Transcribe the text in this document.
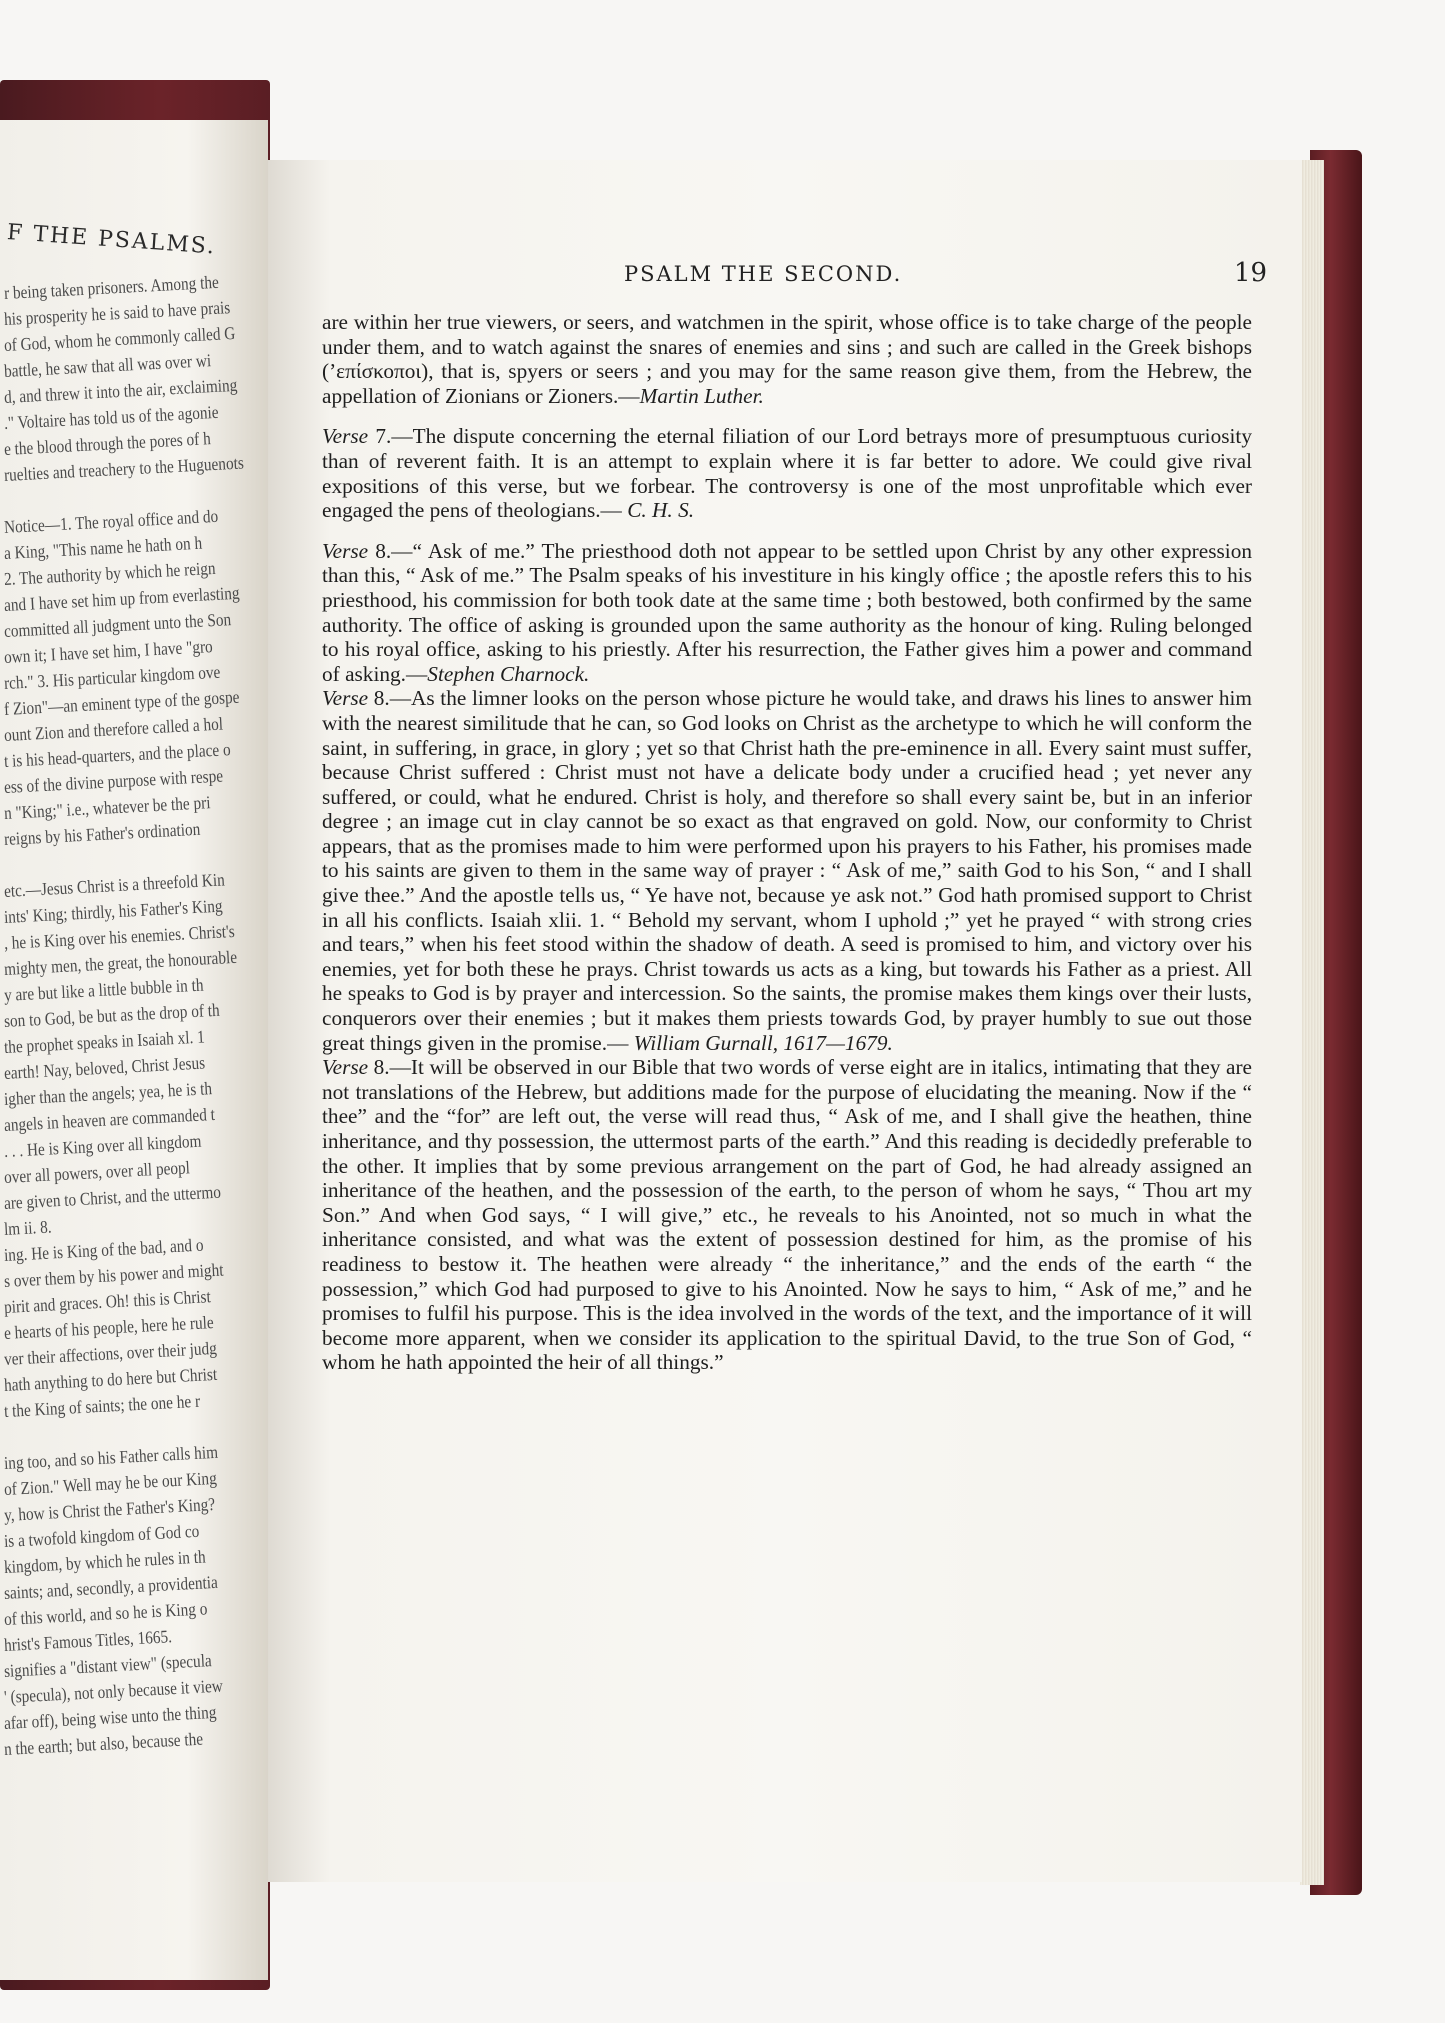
F THE PSALMS.
r being taken prisoners. Among the
his prosperity he is said to have prais
of God, whom he commonly called G
battle, he saw that all was over wi
d, and threw it into the air, exclaiming
." Voltaire has told us of the agonie
e the blood through the pores of h
ruelties and treachery to the Huguenots
Notice—1. The royal office and do
a King, "This name he hath on h
2. The authority by which he reign
and I have set him up from everlasting
committed all judgment unto the Son
own it; I have set him, I have "gro
rch." 3. His particular kingdom ove
f Zion"—an eminent type of the gospe
ount Zion and therefore called a hol
t is his head-quarters, and the place o
ess of the divine purpose with respe
n "King;" i.e., whatever be the pri
reigns by his Father's ordination
etc.—Jesus Christ is a threefold Kin
ints' King; thirdly, his Father's King
, he is King over his enemies. Christ's
mighty men, the great, the honourable
y are but like a little bubble in th
son to God, be but as the drop of th
the prophet speaks in Isaiah xl. 1
earth! Nay, beloved, Christ Jesus
igher than the angels; yea, he is th
angels in heaven are commanded t
. . . He is King over all kingdom
over all powers, over all peopl
are given to Christ, and the uttermo
lm ii. 8.
ing. He is King of the bad, and o
s over them by his power and might
pirit and graces. Oh! this is Christ
e hearts of his people, here he rule
ver their affections, over their judg
hath anything to do here but Christ
t the King of saints; the one he r
ing too, and so his Father calls him
of Zion." Well may he be our King
y, how is Christ the Father's King?
is a twofold kingdom of God co
kingdom, by which he rules in th
saints; and, secondly, a providentia
of this world, and so he is King o
hrist's Famous Titles, 1665.
signifies a "distant view" (specula
' (specula), not only because it view
afar off), being wise unto the thing
n the earth; but also, because the
PSALM THE SECOND.	19

are within her true viewers, or seers, and watchmen in the spirit, whose office is to take charge of the people under them, and to watch against the snares of enemies and sins ; and such are called in the Greek bishops (’επίσκοποι), that is, spyers or seers ; and you may for the same reason give them, from the Hebrew, the appellation of Zionians or Zioners.—Martin Luther.

Verse 7.—The dispute concerning the eternal filiation of our Lord betrays more of presumptuous curiosity than of reverent faith. It is an attempt to explain where it is far better to adore. We could give rival expositions of this verse, but we forbear. The controversy is one of the most unprofitable which ever engaged the pens of theologians.— C. H. S.

Verse 8.—“ Ask of me.” The priesthood doth not appear to be settled upon Christ by any other expression than this, “ Ask of me.” The Psalm speaks of his investiture in his kingly office ; the apostle refers this to his priesthood, his commission for both took date at the same time ; both bestowed, both confirmed by the same authority. The office of asking is grounded upon the same authority as the honour of king. Ruling belonged to his royal office, asking to his priestly. After his resurrection, the Father gives him a power and command of asking.—Stephen Charnock.

Verse 8.—As the limner looks on the person whose picture he would take, and draws his lines to answer him with the nearest similitude that he can, so God looks on Christ as the archetype to which he will conform the saint, in suffering, in grace, in glory ; yet so that Christ hath the pre-eminence in all. Every saint must suffer, because Christ suffered : Christ must not have a delicate body under a crucified head ; yet never any suffered, or could, what he endured. Christ is holy, and therefore so shall every saint be, but in an inferior degree ; an image cut in clay cannot be so exact as that engraved on gold. Now, our conformity to Christ appears, that as the promises made to him were performed upon his prayers to his Father, his promises made to his saints are given to them in the same way of prayer : “ Ask of me,” saith God to his Son, “ and I shall give thee.” And the apostle tells us, “ Ye have not, because ye ask not.” God hath promised support to Christ in all his conflicts. Isaiah xlii. 1. “ Behold my servant, whom I uphold ;” yet he prayed “ with strong cries and tears,” when his feet stood within the shadow of death. A seed is promised to him, and victory over his enemies, yet for both these he prays. Christ towards us acts as a king, but towards his Father as a priest. All he speaks to God is by prayer and intercession. So the saints, the promise makes them kings over their lusts, conquerors over their enemies ; but it makes them priests towards God, by prayer humbly to sue out those great things given in the promise.— William Gurnall, 1617—1679.

Verse 8.—It will be observed in our Bible that two words of verse eight are in italics, intimating that they are not translations of the Hebrew, but additions made for the purpose of elucidating the meaning. Now if the “ thee” and the “for” are left out, the verse will read thus, “ Ask of me, and I shall give the heathen, thine inheritance, and thy possession, the uttermost parts of the earth.” And this reading is decidedly preferable to the other. It implies that by some previous arrangement on the part of God, he had already assigned an inheritance of the heathen, and the possession of the earth, to the person of whom he says, “ Thou art my Son.” And when God says, “ I will give,” etc., he reveals to his Anointed, not so much in what the inheritance consisted, and what was the extent of possession destined for him, as the promise of his readiness to bestow it. The heathen were already “ the inheritance,” and the ends of the earth “ the possession,” which God had purposed to give to his Anointed. Now he says to him, “ Ask of me,” and he promises to fulfil his purpose. This is the idea involved in the words of the text, and the importance of it will become more apparent, when we consider its application to the spiritual David, to the true Son of God, “ whom he hath appointed the heir of all things.”
